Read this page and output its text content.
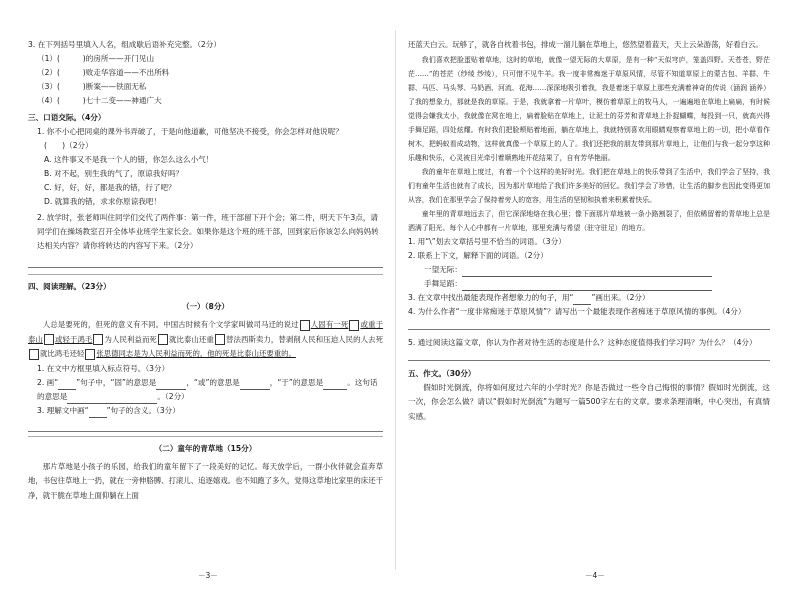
3. 在下列括号里填入人名，组成歇后语补充完整。（2分）

（1）(　　　)的房所——开门见山

（2）(　　　)败走华容道——不出所料

（3）(　　　)断案——铁面无私

（4）(　　　)七十二变——神通广大

三、口语交际。（4分）

1. 你不小心把同桌的课外书弄破了，于是向他道歉，可他坚决不接受，你会怎样对他说呢？

(　　)（2分）

A. 这件事又不是我一个人的错，你怎么这么小气！

B. 对不起，别生我的气了，原谅我好吗？

C. 好，好，好，都是我的错，行了吧？

D. 就算我的错，求求你原谅我吧！

2. 放学时，张老师叫住同学们交代了两件事：第一件，班干部留下开个会；第二件，明天下午3点，请同学们在操场教室召开全体毕业班学生家长会。如果你是这个班的班干部，回到家后你该怎么向妈妈转达相关内容？请你将转达的内容写下来。（2分）

四、阅读理解。（23分）

（一）（8分）

人总是要死的，但死的意义有不同。中国古时候有个文学家叫做司马迁的说过 人固有一死 或重于泰山 或轻于鸿毛 为人民利益而死 就比泰山还重 替法西斯卖力，替剥削人民和压迫人民的人去死就比鸿毛还轻 张思德同志是为人民利益而死的，他的死是比泰山还要重的。

1. 在文中方框里填入标点符号。（3分）

2. 画“ ”句子中，“固”的意思是	，“或”的意思是	，“于”的意思是	。这句话的意思是	。（2分）

3. 理解文中画“ ”句子的含义。（3分）

（二）童年的青草地（15分）

那片草地是小孩子的乐园，给我们的童年留下了一段美好的记忆。每天放学后，一群小伙伴就会直奔草地，书包往草地上一扔，就在一旁伸胳膊、打滚儿、追逐嬉戏。也不知跑了多久，觉得这草地比家里的床还干净，就干脆在草地上面仰躺在上面

－3－

还蓝天白云。玩够了，就各自枕着书包，排成一溜儿躺在草地上，悠然望着蓝天，天上云朵游荡，好看白云。

我们喜欢把脸蛋贴着草地，这时的草地，就像一望无际的大草原，是有一种“天似穹庐，笼盖四野。天苍苍，野茫茫……”的苍茫（纱绫 纱绫），只可惜不见牛羊。我一度非常痴迷于草原风情，尽管不知道草原上的蒙古包、羊群、牛群、马匹、马头琴、马奶酒、河流、花海……深深地吸引着我，我是着迷于草原上那些充满着神奇的传说（涵润 涵养）了我的想象力，那就是我的草原。于是，我就拿着一片草叶，模仿着草原上的牧马人，一遍遍地在草地上扁扁，有时候觉得会嫌我太小，我就像在窝在地上，扁着脸贴在草地上，让泥土的芬芳和青草地上扑捉蝴蝶，每投到一只，就高兴得手舞足蹈，四处炫耀。有时我们把脸颊贴着地面，躺在草地上，我就特别喜欢用眼睛观察着草地上的一切，把小草看作树木，把蚂蚁看成动物，这样就真像一个草原上的人了。我们还把我的朋友带到那片草地上，让他们与我一起分享这种乐趣和快乐，心灵被目光牵引着顺熟地开花结果了，自有芳华艳丽。

我的童年在草地上度过，有着一个个这样的美好时光。我们把在草地上的快乐带到了生活中，我们学会了坚持，我们有童年生活也就有了成长，因为那片草地给了我们许多美好的回忆。我们学会了珍惜，让生活的脚步也因此变得更加从容，我们在那里学会了保持着旁人的宽容，用生活的坚韧和执着来积累着快乐。

童年里的青草地远去了，但它深深地烙在我心里；像下面那片草地被一条小路割裂了，但依稀留着的青草地上总是洒满了阳光。每个人心中都有一片草地，那里充满与希望（驻守驻足）的地方。

1. 用“\”划去文章括号里不恰当的词语。（3分）

2. 联系上下文，解释下面的词语。（2分）

一望无际：

手舞足蹈：

3. 在文章中找出最能表现作者想象力的句子，用“ ”画出来。（2分）

4. 为什么作者“一度非常痴迷于草原风情”？请写出一个最能表现作者痴迷于草原风情的事例。（4分）

5. 通过阅读这篇文章，你认为作者对待生活的态度是什么？这种态度值得我们学习吗？为什么？（4分）

五、作文。（30分）

假如时光倒流，你将如何度过六年的小学时光？你是否做过一些令自己悔恨的事情？假如时光倒流，这一次，你会怎么做？请以“假如时光倒流”为题写一篇500字左右的文章。要求条理清晰，中心突出，有真情实感。

－4－
